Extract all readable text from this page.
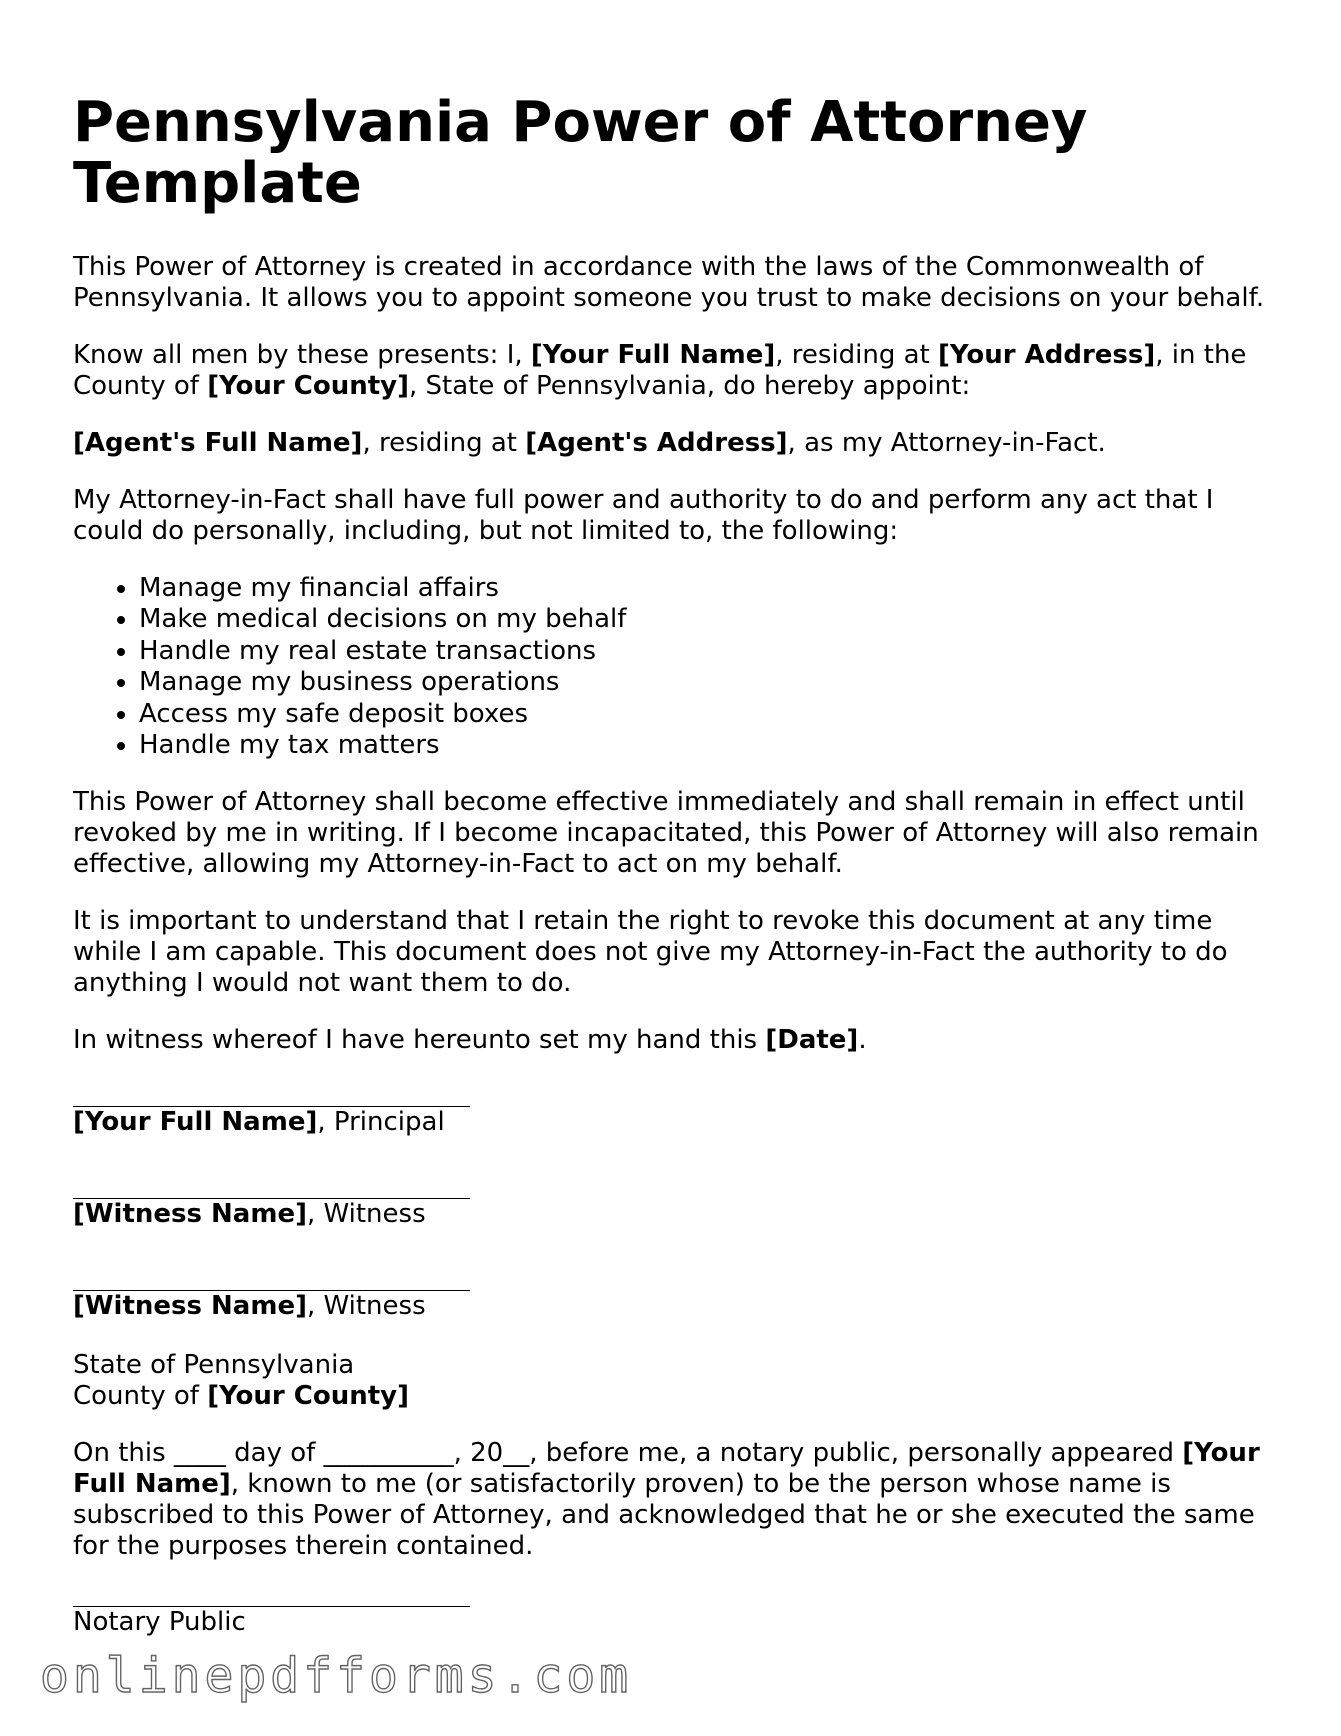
Pennsylvania Power of Attorney Template

This Power of Attorney is created in accordance with the laws of the Commonwealth of Pennsylvania. It allows you to appoint someone you trust to make decisions on your behalf.

Know all men by these presents: I, [Your Full Name], residing at [Your Address], in the County of [Your County], State of Pennsylvania, do hereby appoint:

[Agent's Full Name], residing at [Agent's Address], as my Attorney-in-Fact.

My Attorney-in-Fact shall have full power and authority to do and perform any act that I could do personally, including, but not limited to, the following:

• Manage my financial affairs
• Make medical decisions on my behalf
• Handle my real estate transactions
• Manage my business operations
• Access my safe deposit boxes
• Handle my tax matters

This Power of Attorney shall become effective immediately and shall remain in effect until revoked by me in writing. If I become incapacitated, this Power of Attorney will also remain effective, allowing my Attorney-in-Fact to act on my behalf.

It is important to understand that I retain the right to revoke this document at any time while I am capable. This document does not give my Attorney-in-Fact the authority to do anything I would not want them to do.

In witness whereof I have hereunto set my hand this [Date].

[Your Full Name], Principal
[Witness Name], Witness
[Witness Name], Witness

State of Pennsylvania
County of [Your County]

On this ____ day of __________, 20__, before me, a notary public, personally appeared [Your Full Name], known to me (or satisfactorily proven) to be the person whose name is subscribed to this Power of Attorney, and acknowledged that he or she executed the same for the purposes therein contained.

Notary Public
onlinepdfforms.com
